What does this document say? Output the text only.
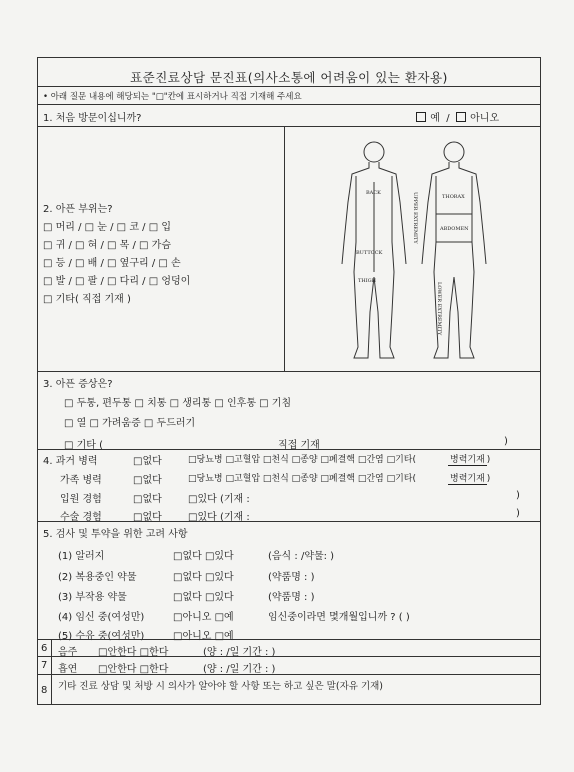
표준진료상담 문진표(의사소통에 어려움이 있는 환자용)
• 아래 질문 내용에 해당되는 "□"칸에 표시하거나 직접 기재해 주세요
1. 처음 방문이십니까?	예  /   아니오
2. 아픈 부위는?
□ 머리 / □ 눈 / □ 코 / □ 입
□ 귀 / □ 혀 / □ 목 / □ 가슴
□ 등 / □ 배 / □ 옆구리 / □ 손
□ 발 / □ 팔 / □ 다리 / □ 엉덩이
□ 기타( 직접 기재 )
BACK
BUTTOCK
THIGH
THORAX
ABDOMEN
UPPER EXTREMITY
LOWER EXTREMITY
3. 아픈 증상은?
□ 두통, 편두통 □ 치통 □ 생리통 □ 인후통 □ 기침
□ 열 □ 가려움증 □ 두드러기
□ 기타 (	직접 기재	)
4. 과거 병력	□없다	□당뇨병 □고혈압 □천식 □종양 □폐결핵 □간염 □기타(	병력기재 )
가족 병력	□없다	□당뇨병 □고혈압 □천식 □종양 □폐결핵 □간염 □기타(	병력기재 )
입원 경험	□없다	□있다 (기재 :	)
수술 경험	□없다	□있다 (기재 :	)
5. 검사 및 투약을 위한 고려 사항
(1) 알러지	□없다 □있다	(음식 : /약물: )
(2) 복용중인 약물	□없다 □있다	(약품명 : )
(3) 부작용 약물	□없다 □있다	(약품명 : )
(4) 임신 중(여성만)	□아니오 □예	임신중이라면 몇개월입니까 ? ( )
(5) 수유 중(여성만)	□아니오 □예
6 음주 □안한다 □한다	(양 : /일 기간 : )
7 흡연 □안한다 □한다	(양 : /일 기간 : )
8 기타 진료 상담 및 처방 시 의사가 알아야 할 사항 또는 하고 싶은 말(자유 기재)
